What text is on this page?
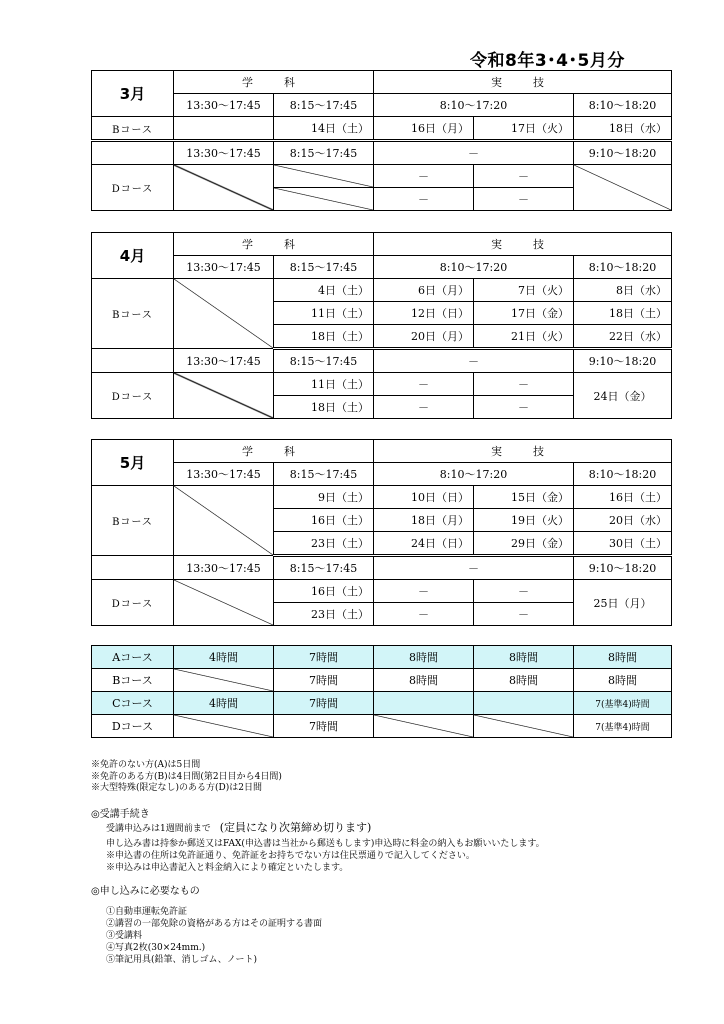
令和8年3･4･5月分
3月	学　科		実　技		
	13:30〜17:45	8:15〜17:45	8:10〜17:20		8:10〜18:20
Bコース		14日（土）	16日（月）	17日（火）	18日（水）
	13:30〜17:45	8:15〜17:45	－		9:10〜18:20
Dコース			－	－	
			－	－	
4月	学　科		実　技		
	13:30〜17:45	8:15〜17:45	8:10〜17:20		8:10〜18:20
Bコース		4日（土）	6日（月）	7日（火）	8日（水）
		11日（土）	12日（日）	17日（金）	18日（土）
		18日（土）	20日（月）	21日（火）	22日（水）
	13:30〜17:45	8:15〜17:45	－		9:10〜18:20
Dコース		11日（土）	－	－	24日（金）
		18日（土）	－	－	
5月	学　科		実　技		
	13:30〜17:45	8:15〜17:45	8:10〜17:20		8:10〜18:20
Bコース		9日（土）	10日（日）	15日（金）	16日（土）
		16日（土）	18日（月）	19日（火）	20日（水）
		23日（土）	24日（日）	29日（金）	30日（土）
	13:30〜17:45	8:15〜17:45	－		9:10〜18:20
Dコース		16日（土）	－	－	25日（月）
		23日（土）	－	－	
Aコース	4時間	7時間	8時間	8時間	8時間
Bコース		7時間	8時間	8時間	8時間
Cコース	4時間	7時間			7(基準4)時間
Dコース		7時間			7(基準4)時間

※免許のない方(A)は5日間

※免許のある方(B)は4日間(第2日目から4日間)

※大型特殊(限定なし)のある方(D)は2日間

◎受講手続き

受講申込みは1週間前まで　 (定員になり次第締め切ります)

申し込み書は持参か郵送又はFAX(申込書は当社から郵送もします)申込時に料金の納入もお願いいたします。

※申込書の住所は免許証通り、免許証をお持ちでない方は住民票通りで記入してください。

※申込みは申込書記入と料金納入により確定といたします。

◎申し込みに必要なもの

①自動車運転免許証

②講習の一部免除の資格がある方はその証明する書面

③受講料

④写真2枚(30×24mm.)

⑤筆記用具(鉛筆、消しゴム、ノート)
